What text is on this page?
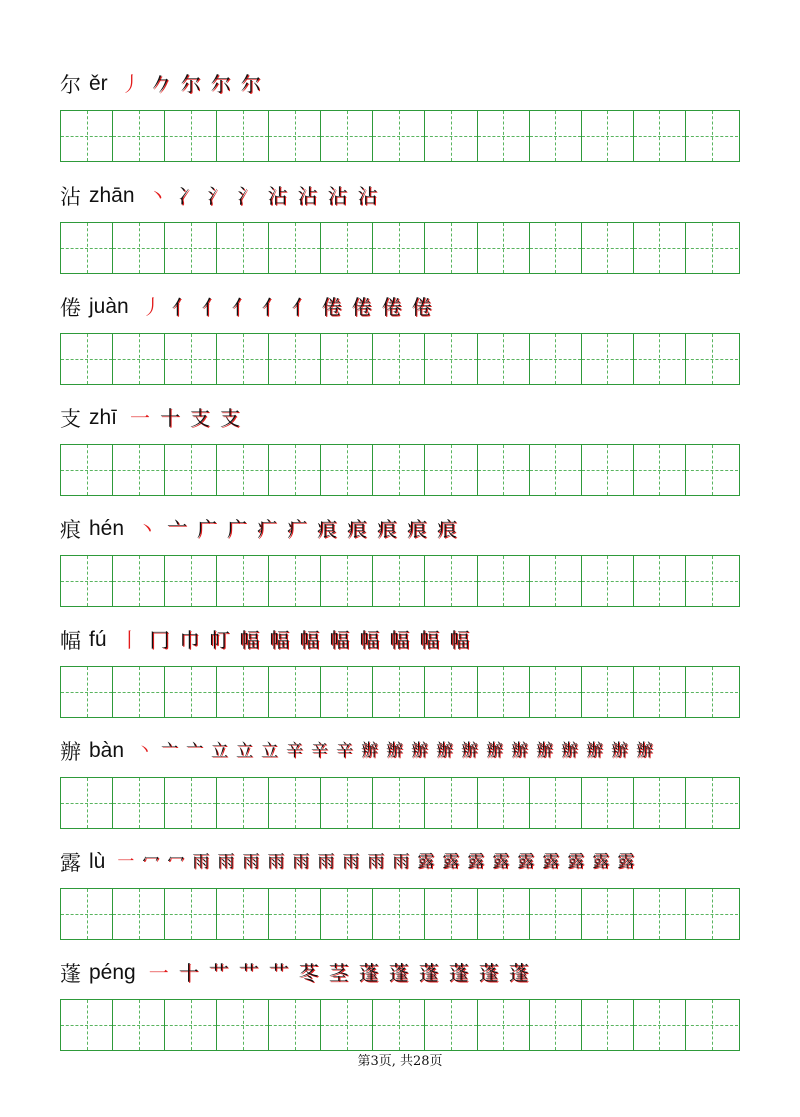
尔 ěr 丿 𠂊 尔 尔 尔
沾 zhān 丶 冫 氵 氵 沾 沾 沾 沾
倦 juàn 丿 亻 亻 亻 亻 亻 倦 倦 倦 倦
支 zhī 一 十 支 支
痕 hén 丶 亠 广 广 疒 疒 痕 痕 痕 痕 痕
幅 fú 丨 冂 巾 帄 幅 幅 幅 幅 幅 幅 幅 幅
辦 bàn 丶 亠 亠 立 立 立 辛 辛 辛 辦 辦 辦 辦 辦 辦 辦 辦 辦 辦 辦 辦
露 lù 一 冖 冖 雨 雨 雨 雨 雨 雨 雨 雨 雨 露 露 露 露 露 露 露 露 露
蓬 péng 一 十 艹 艹 艹 苳 茎 蓬 蓬 蓬 蓬 蓬 蓬
第3页, 共28页
